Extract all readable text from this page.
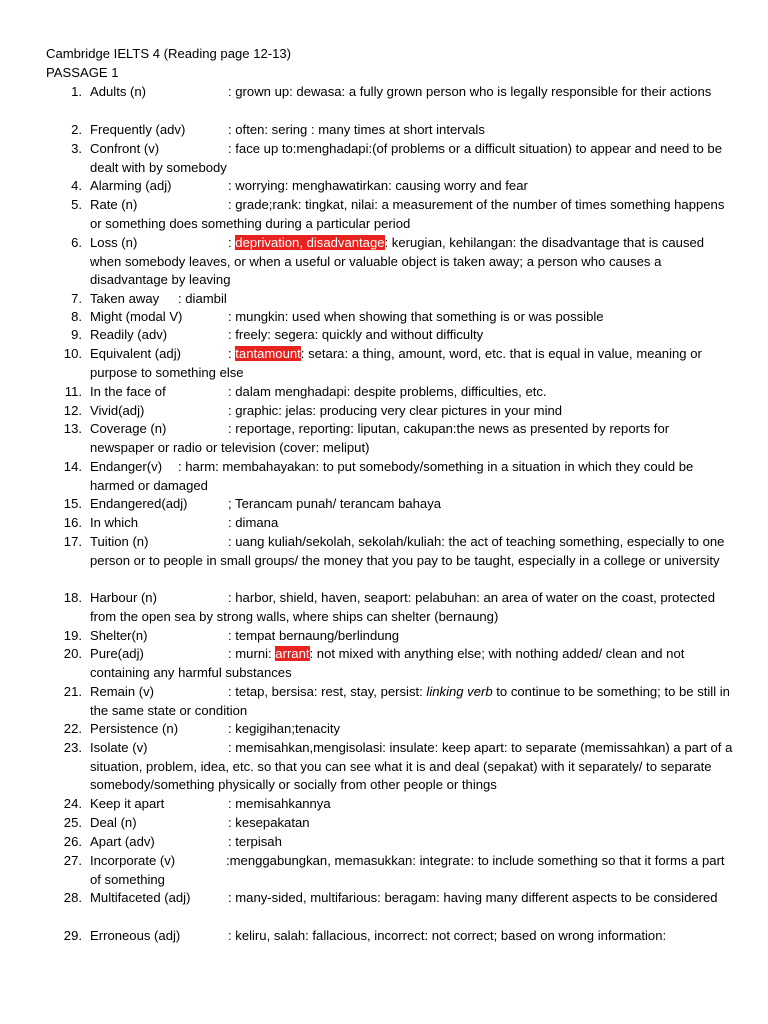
Cambridge IELTS 4 (Reading page 12-13)
PASSAGE 1
1. Adults (n)	: grown up: dewasa: a fully grown person who is legally responsible for their actions
2. Frequently (adv)	: often: sering : many times at short intervals
3. Confront (v)	: face up to:menghadapi:(of problems or a difficult situation) to appear and need to be dealt with by somebody
4. Alarming (adj)	: worrying: menghawatirkan: causing worry and fear
5. Rate (n)	: grade;rank: tingkat, nilai: a measurement of the number of times something happens or something does something during a particular period
6. Loss (n)	: deprivation, disadvantage: kerugian, kehilangan: the disadvantage that is caused when somebody leaves, or when a useful or valuable object is taken away; a person who causes a disadvantage by leaving
7. Taken away	: diambil
8. Might (modal V)	: mungkin: used when showing that something is or was possible
9. Readily (adv)	: freely: segera: quickly and without difficulty
10. Equivalent (adj)	: tantamount: setara: a thing, amount, word, etc. that is equal in value, meaning or purpose to something else
11. In the face of	: dalam menghadapi: despite problems, difficulties, etc.
12. Vivid(adj)	: graphic: jelas: producing very clear pictures in your mind
13. Coverage (n)	: reportage, reporting: liputan, cakupan:the news as presented by reports for newspaper or radio or television (cover: meliput)
14. Endanger(v)	: harm: membahayakan: to put somebody/something in a situation in which they could be harmed or damaged
15. Endangered(adj)	; Terancam punah/ terancam bahaya
16. In which	: dimana
17. Tuition (n)	: uang kuliah/sekolah, sekolah/kuliah: the act of teaching something, especially to one person or to people in small groups/ the money that you pay to be taught, especially in a college or university
18. Harbour (n)	: harbor, shield, haven, seaport: pelabuhan: an area of water on the coast, protected from the open sea by strong walls, where ships can shelter (bernaung)
19. Shelter(n)	: tempat bernaung/berlindung
20. Pure(adj)	: murni: arrant: not mixed with anything else; with nothing added/ clean and not containing any harmful substances
21. Remain (v)	: tetap, bersisa: rest, stay, persist: linking verb to continue to be something; to be still in the same state or condition
22. Persistence (n)	: kegigihan;tenacity
23. Isolate (v)	: memisahkan,mengisolasi: insulate: keep apart: to separate (memissahkan) a part of a situation, problem, idea, etc. so that you can see what it is and deal (sepakat) with it separately/ to separate somebody/something physically or socially from other people or things
24. Keep it apart	: memisahkannya
25. Deal (n)	: kesepakatan
26. Apart (adv)	: terpisah
27. Incorporate (v)	:menggabungkan, memasukkan: integrate: to include something so that it forms a part of something
28. Multifaceted (adj)	: many-sided, multifarious: beragam: having many different aspects to be considered
29. Erroneous (adj)	: keliru, salah: fallacious, incorrect: not correct; based on wrong information:
